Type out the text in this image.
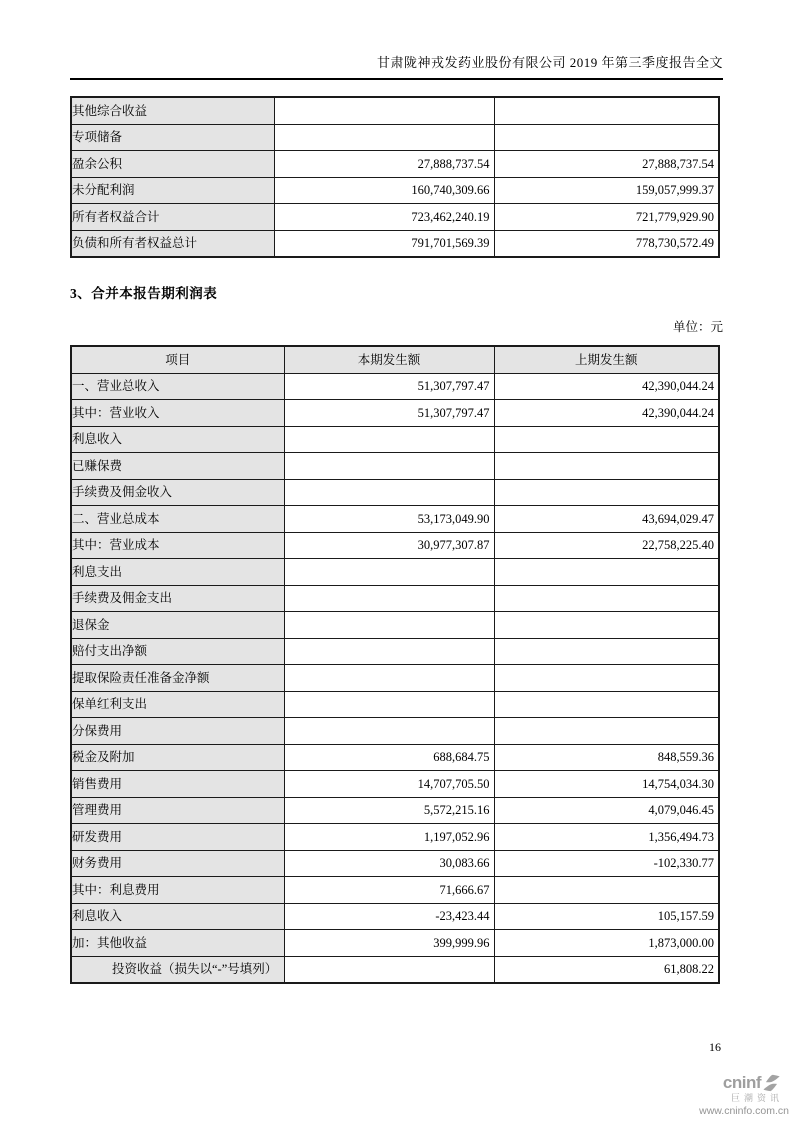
甘肃陇神戎发药业股份有限公司 2019 年第三季度报告全文
其他综合收益		
专项储备		
盈余公积	27,888,737.54	27,888,737.54
未分配利润	160,740,309.66	159,057,999.37
所有者权益合计	723,462,240.19	721,779,929.90
负债和所有者权益总计	791,701,569.39	778,730,572.49
3、合并本报告期利润表
单位：元
项目	本期发生额	上期发生额
一、营业总收入	51,307,797.47	42,390,044.24
其中：营业收入	51,307,797.47	42,390,044.24
利息收入		
已赚保费		
手续费及佣金收入		
二、营业总成本	53,173,049.90	43,694,029.47
其中：营业成本	30,977,307.87	22,758,225.40
利息支出		
手续费及佣金支出		
退保金		
赔付支出净额		
提取保险责任准备金净额		
保单红利支出		
分保费用		
税金及附加	688,684.75	848,559.36
销售费用	14,707,705.50	14,754,034.30
管理费用	5,572,215.16	4,079,046.45
研发费用	1,197,052.96	1,356,494.73
财务费用	30,083.66	-102,330.77
其中：利息费用	71,666.67	
利息收入	-23,423.44	105,157.59
加：其他收益	399,999.96	1,873,000.00
投资收益（损失以“-”号填列）		61,808.22
16
cninf
巨潮资讯
www.cninfo.com.cn
